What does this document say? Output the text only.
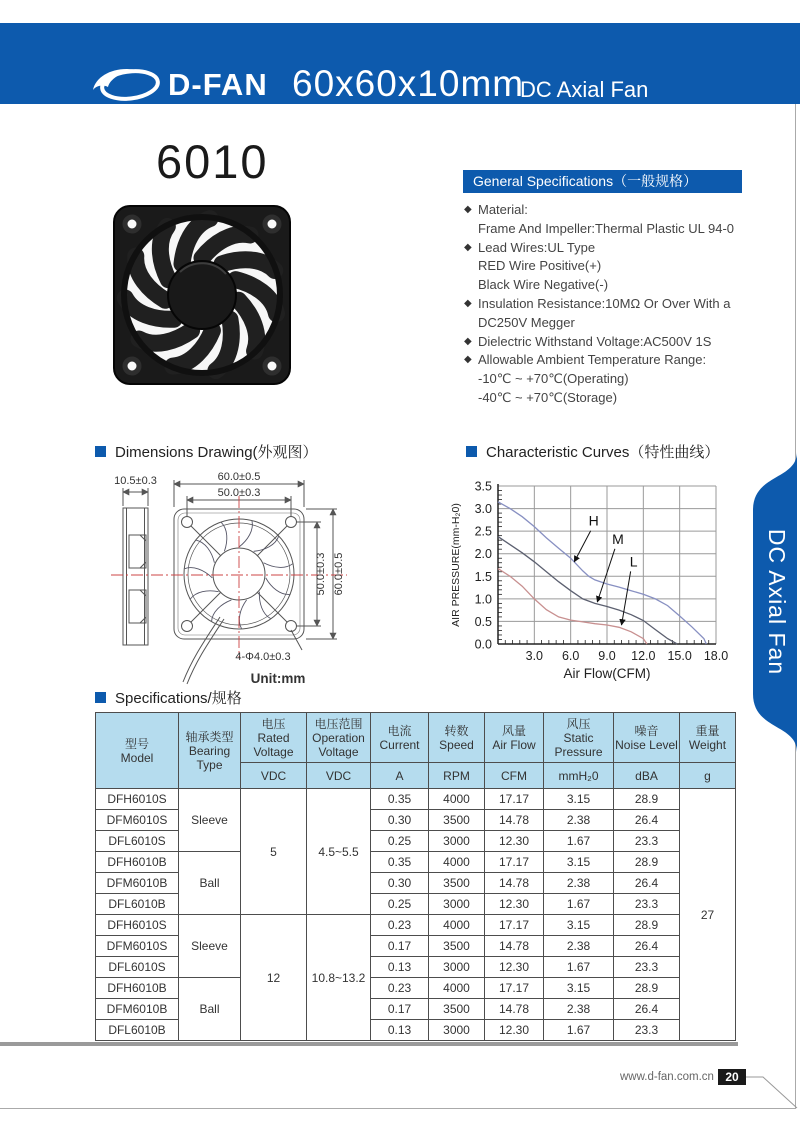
D-FAN 60x60x10mm
DC Axial Fan
6010	General Specifications（一般规格）
◆ Material:
Frame And Impeller:Thermal Plastic UL 94-0
◆ Lead Wires:UL Type
RED Wire Positive(+)
Black Wire Negative(-)
◆ Insulation Resistance:10MΩ Or Over With a
DC250V Megger
◆ Dielectric Withstand Voltage:AC500V 1S
◆ Allowable Ambient Temperature Range:
-10℃ ~ +70℃(Operating)
-40℃ ~ +70℃(Storage)
Dimensions Drawing(外观图）	Characteristic Curves（特性曲线）
10.5±0.3	60.0±0.5
50.0±0.3
50.0±0.3 60.0±0.5
4-Φ4.0±0.3
Unit:mm
H
M
L
0.0
0.5
1.0
1.5
2.0
2.5
3.0
3.5
3.0 6.0 9.0 12.0 15.0 18.0
AIR PRESSURE(mm-H₂0)
Air Flow(CFM)
Specifications/规格
型号
Model

轴承类型
Bearing Type

电压
Rated Voltage

电压范围
Operation Voltage

电流
Current

转数
Speed

风量
Air Flow

风压
Static Pressure

噪音
Noise Level

重量
Weight

		VDC	VDC	A	RPM	CFM	mmH₂0	dBA	g
DFH6010S	Sleeve	5	4.5~5.5	0.35	4000	17.17	3.15	28.9	27
DFM6010S				0.30	3500	14.78	2.38	26.4	
DFL6010S				0.25	3000	12.30	1.67	23.3	
DFH6010B	Ball			0.35	4000	17.17	3.15	28.9	
DFM6010B				0.30	3500	14.78	2.38	26.4	
DFL6010B				0.25	3000	12.30	1.67	23.3	
DFH6010S	Sleeve	12	10.8~13.2	0.23	4000	17.17	3.15	28.9	
DFM6010S				0.17	3500	14.78	2.38	26.4	
DFL6010S				0.13	3000	12.30	1.67	23.3	
DFH6010B	Ball			0.23	4000	17.17	3.15	28.9	
DFM6010B				0.17	3500	14.78	2.38	26.4	
DFL6010B				0.13	3000	12.30	1.67	23.3	
DC Axial Fan
www.d-fan.com.cn 20
